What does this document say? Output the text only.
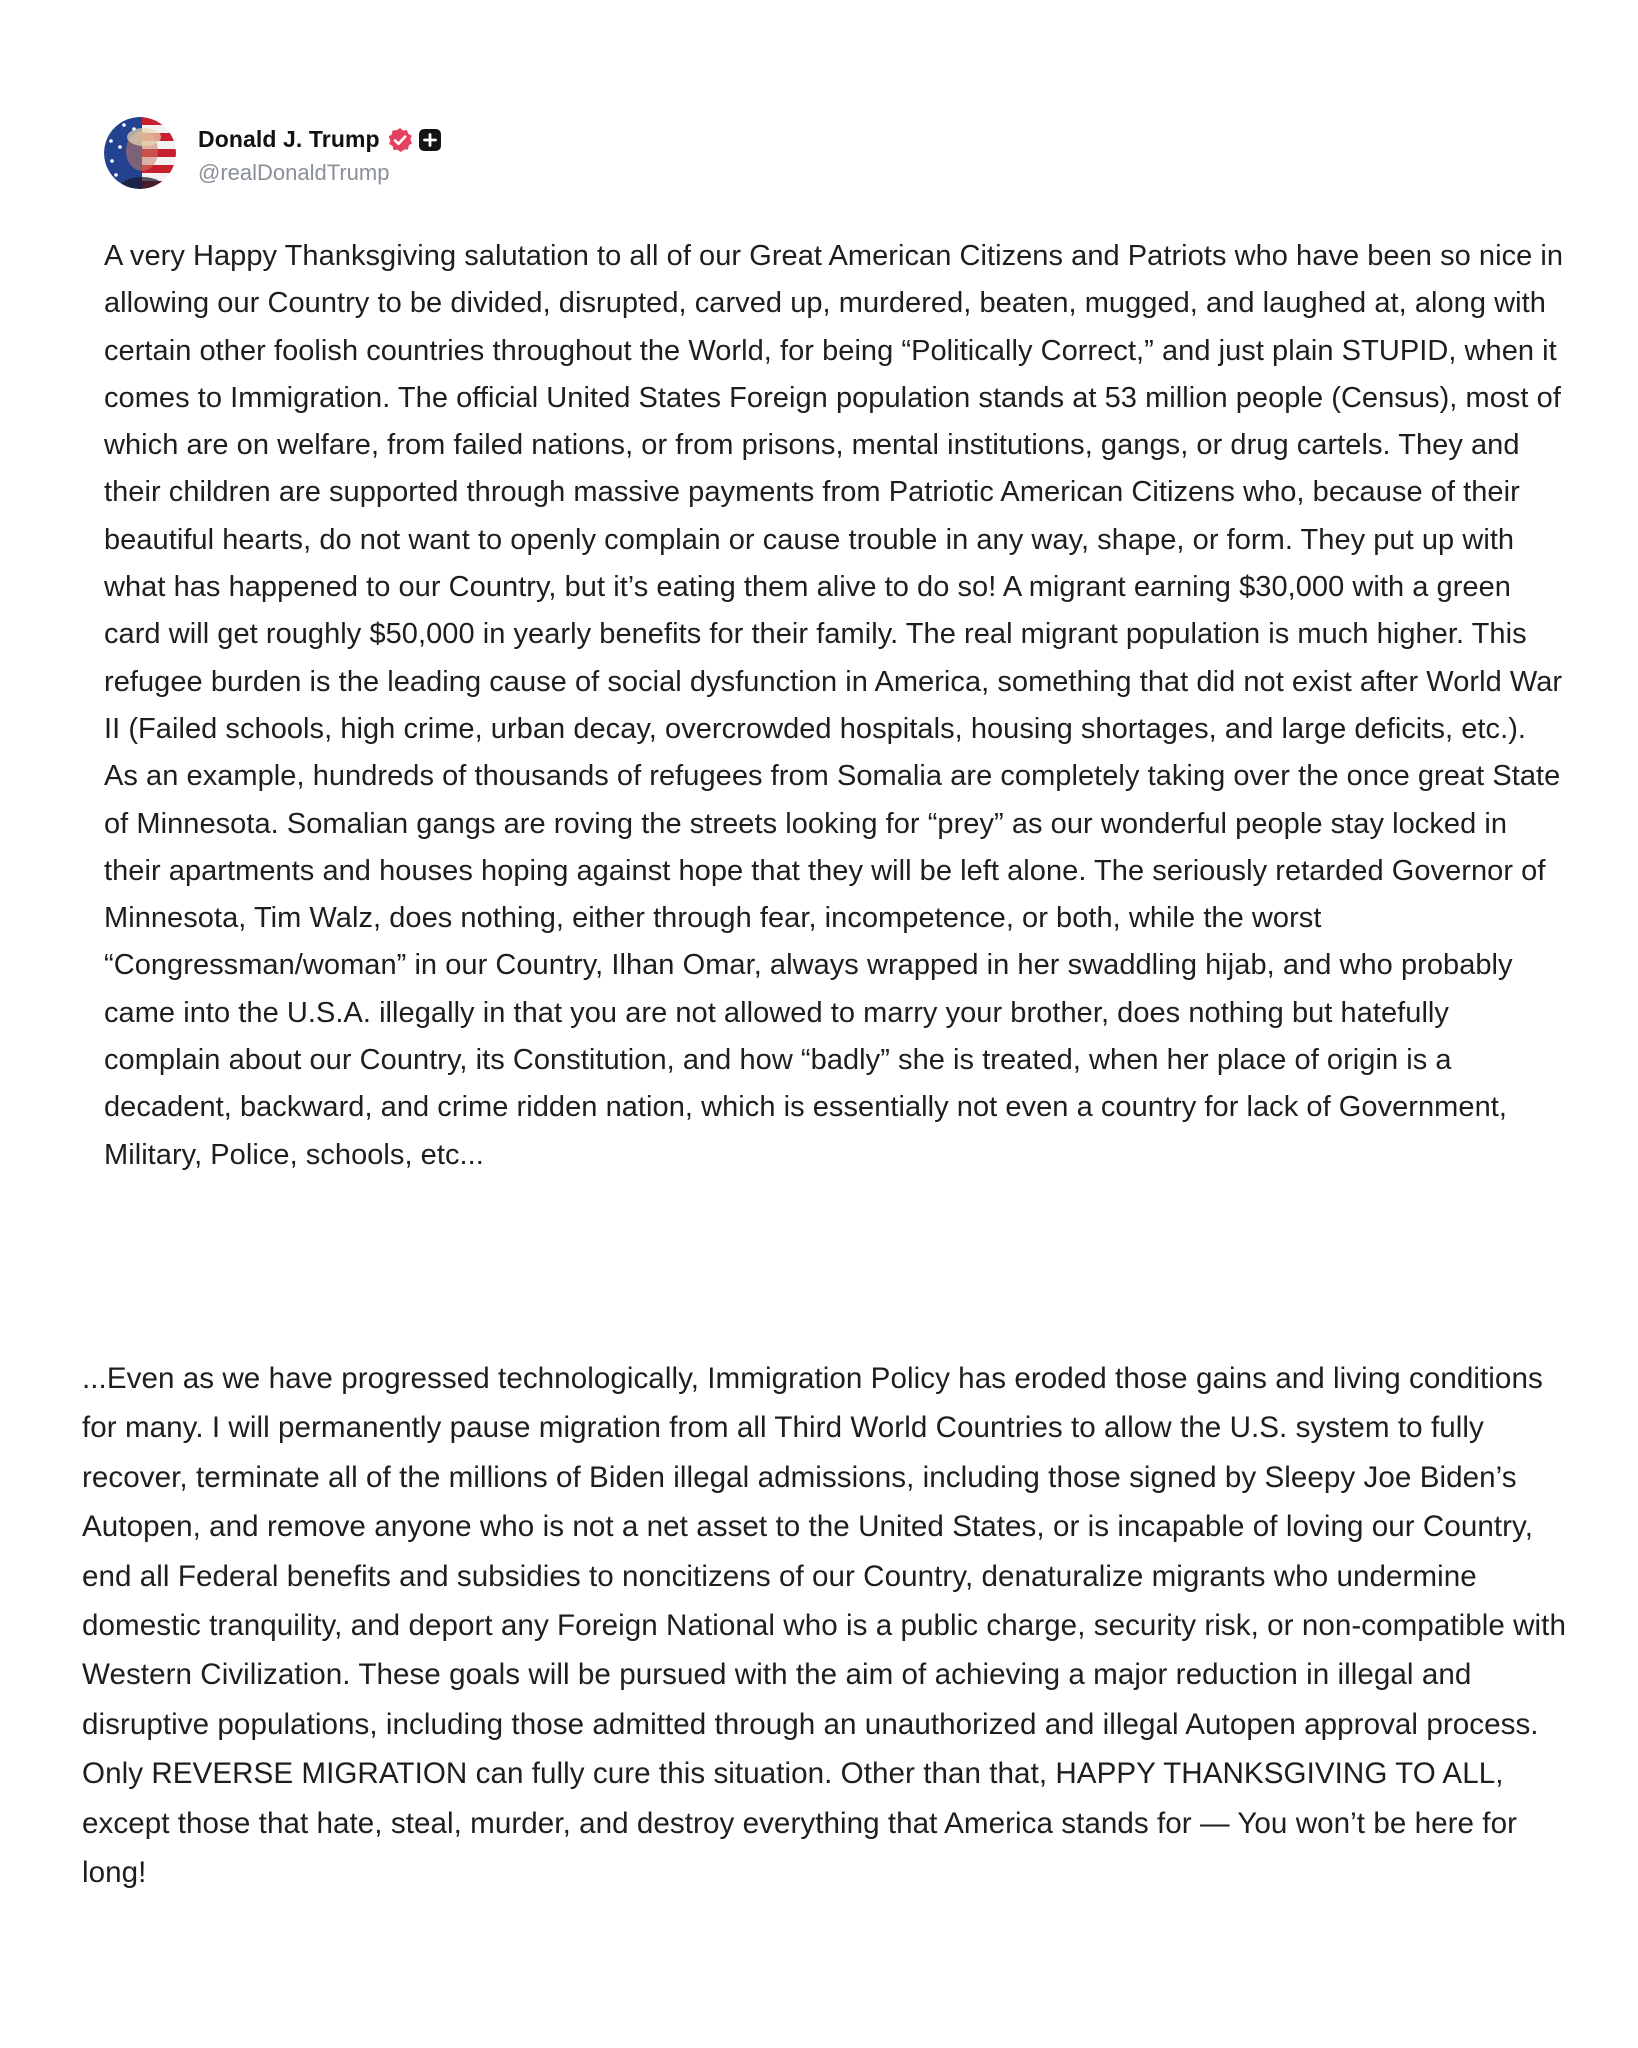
Donald J. Trump
@realDonaldTrump

A very Happy Thanksgiving salutation to all of our Great American Citizens and Patriots who have been so nice in allowing our Country to be divided, disrupted, carved up, murdered, beaten, mugged, and laughed at, along with certain other foolish countries throughout the World, for being “Politically Correct,” and just plain STUPID, when it comes to Immigration. The official United States Foreign population stands at 53 million people (Census), most of which are on welfare, from failed nations, or from prisons, mental institutions, gangs, or drug cartels. They and their children are supported through massive payments from Patriotic American Citizens who, because of their beautiful hearts, do not want to openly complain or cause trouble in any way, shape, or form. They put up with what has happened to our Country, but it’s eating them alive to do so! A migrant earning $30,000 with a green card will get roughly $50,000 in yearly benefits for their family. The real migrant population is much higher. This refugee burden is the leading cause of social dysfunction in America, something that did not exist after World War II (Failed schools, high crime, urban decay, overcrowded hospitals, housing shortages, and large deficits, etc.). As an example, hundreds of thousands of refugees from Somalia are completely taking over the once great State of Minnesota. Somalian gangs are roving the streets looking for “prey” as our wonderful people stay locked in their apartments and houses hoping against hope that they will be left alone. The seriously retarded Governor of Minnesota, Tim Walz, does nothing, either through fear, incompetence, or both, while the worst “Congressman/woman” in our Country, Ilhan Omar, always wrapped in her swaddling hijab, and who probably came into the U.S.A. illegally in that you are not allowed to marry your brother, does nothing but hatefully complain about our Country, its Constitution, and how “badly” she is treated, when her place of origin is a decadent, backward, and crime ridden nation, which is essentially not even a country for lack of Government, Military, Police, schools, etc...

...Even as we have progressed technologically, Immigration Policy has eroded those gains and living conditions for many. I will permanently pause migration from all Third World Countries to allow the U.S. system to fully recover, terminate all of the millions of Biden illegal admissions, including those signed by Sleepy Joe Biden’s Autopen, and remove anyone who is not a net asset to the United States, or is incapable of loving our Country, end all Federal benefits and subsidies to noncitizens of our Country, denaturalize migrants who undermine domestic tranquility, and deport any Foreign National who is a public charge, security risk, or non-compatible with Western Civilization. These goals will be pursued with the aim of achieving a major reduction in illegal and disruptive populations, including those admitted through an unauthorized and illegal Autopen approval process. Only REVERSE MIGRATION can fully cure this situation. Other than that, HAPPY THANKSGIVING TO ALL, except those that hate, steal, murder, and destroy everything that America stands for — You won’t be here for long!
